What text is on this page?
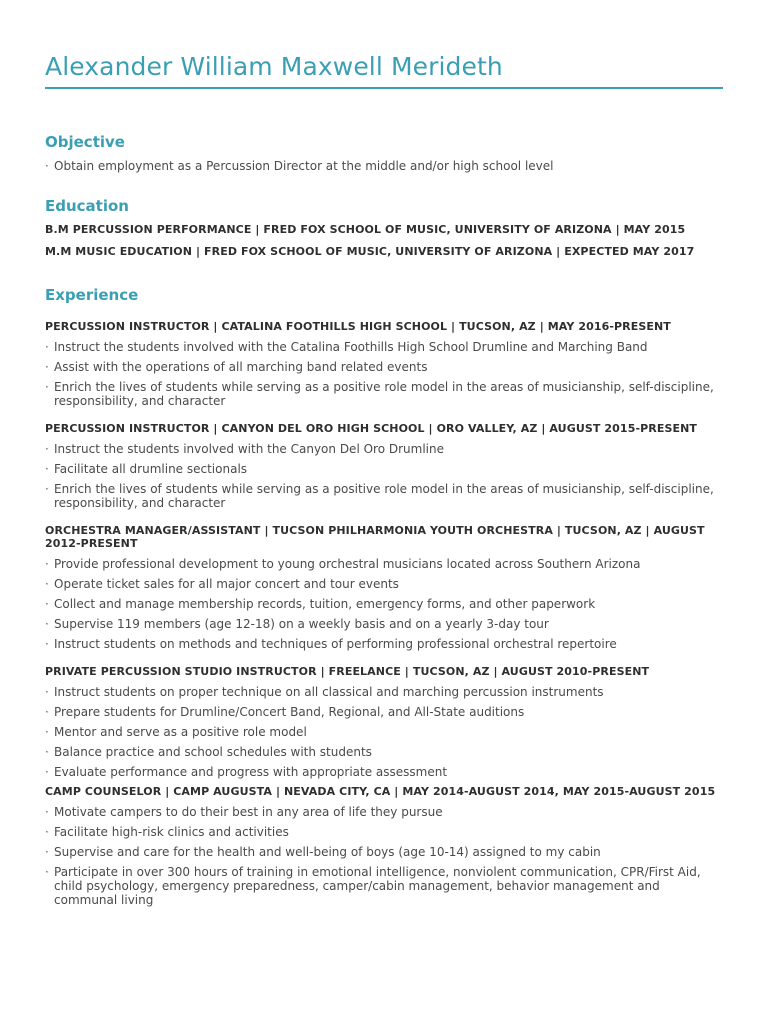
Alexander William Maxwell Merideth
Objective
· Obtain employment as a Percussion Director at the middle and/or high school level
Education

B.M PERCUSSION PERFORMANCE | FRED FOX SCHOOL OF MUSIC, UNIVERSITY OF ARIZONA | MAY 2015

M.M MUSIC EDUCATION | FRED FOX SCHOOL OF MUSIC, UNIVERSITY OF ARIZONA | EXPECTED MAY 2017

Experience

PERCUSSION INSTRUCTOR | CATALINA FOOTHILLS HIGH SCHOOL | TUCSON, AZ | MAY 2016-PRESENT

· Instruct the students involved with the Catalina Foothills High School Drumline and Marching Band
· Assist with the operations of all marching band related events
· Enrich the lives of students while serving as a positive role model in the areas of musicianship, self-discipline, responsibility, and character

PERCUSSION INSTRUCTOR | CANYON DEL ORO HIGH SCHOOL | ORO VALLEY, AZ | AUGUST 2015-PRESENT

· Instruct the students involved with the Canyon Del Oro Drumline
· Facilitate all drumline sectionals
· Enrich the lives of students while serving as a positive role model in the areas of musicianship, self-discipline, responsibility, and character

ORCHESTRA MANAGER/ASSISTANT | TUCSON PHILHARMONIA YOUTH ORCHESTRA | TUCSON, AZ | AUGUST 2012-PRESENT

· Provide professional development to young orchestral musicians located across Southern Arizona
· Operate ticket sales for all major concert and tour events
· Collect and manage membership records, tuition, emergency forms, and other paperwork
· Supervise 119 members (age 12-18) on a weekly basis and on a yearly 3-day tour
· Instruct students on methods and techniques of performing professional orchestral repertoire

PRIVATE PERCUSSION STUDIO INSTRUCTOR | FREELANCE | TUCSON, AZ | AUGUST 2010-PRESENT

· Instruct students on proper technique on all classical and marching percussion instruments
· Prepare students for Drumline/Concert Band, Regional, and All-State auditions
· Mentor and serve as a positive role model
· Balance practice and school schedules with students
· Evaluate performance and progress with appropriate assessment

CAMP COUNSELOR | CAMP AUGUSTA | NEVADA CITY, CA | MAY 2014-AUGUST 2014, MAY 2015-AUGUST 2015

· Motivate campers to do their best in any area of life they pursue
· Facilitate high-risk clinics and activities
· Supervise and care for the health and well-being of boys (age 10-14) assigned to my cabin
· Participate in over 300 hours of training in emotional intelligence, nonviolent communication, CPR/First Aid, child psychology, emergency preparedness, camper/cabin management, behavior management and communal living
